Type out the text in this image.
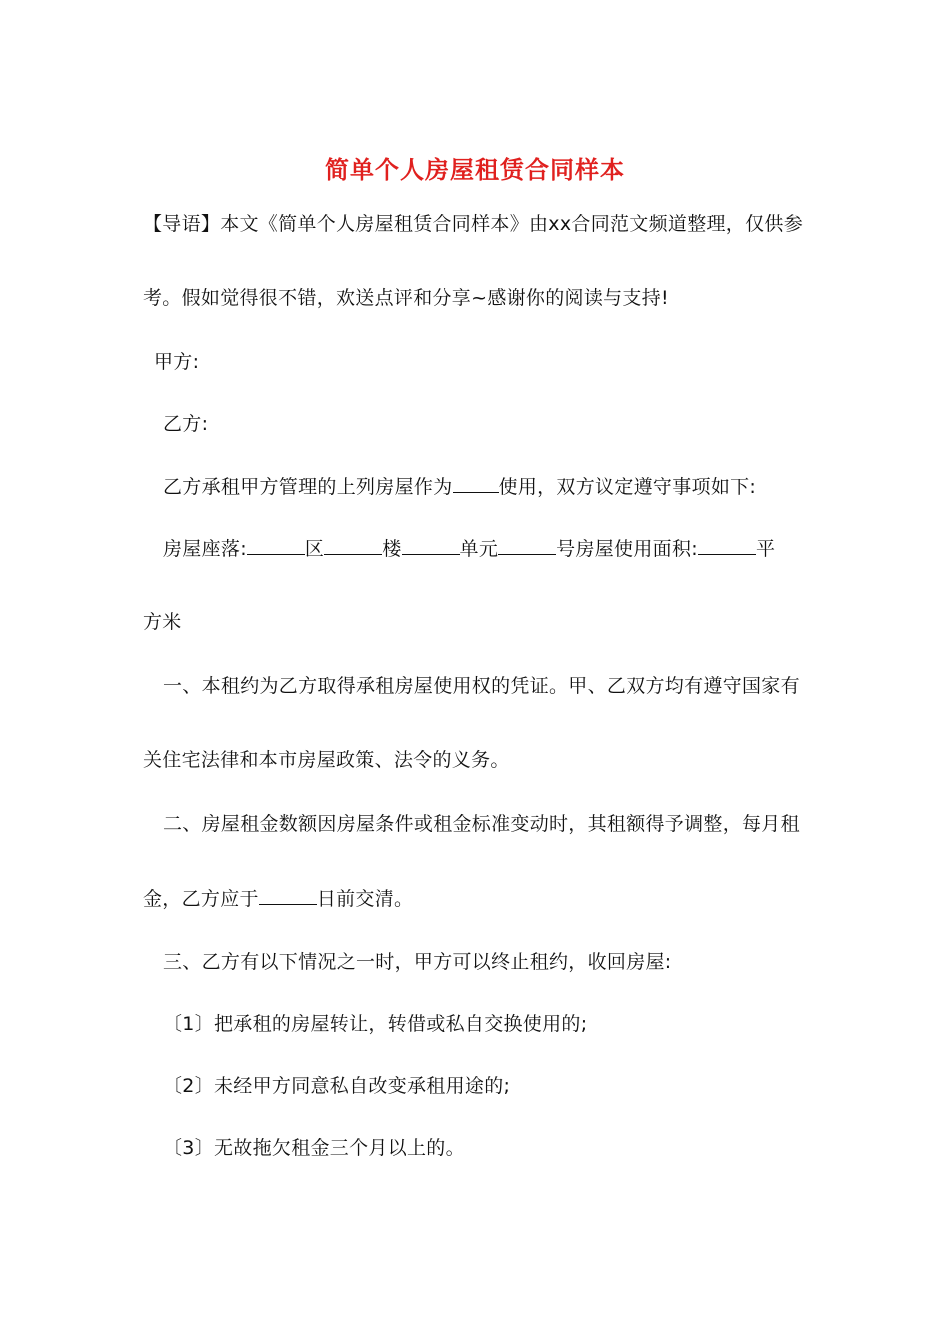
简单个人房屋租赁合同样本
【导语】本文《简单个人房屋租赁合同样本》由xx合同范文频道整理，仅供参
考。假如觉得很不错，欢送点评和分享~感谢你的阅读与支持!
甲方:
乙方:
乙方承租甲方管理的上列房屋作为 使用，双方议定遵守事项如下:
房屋座落:	区	楼	单元	号房屋使用面积:	平
方米
一、本租约为乙方取得承租房屋使用权的凭证。甲、乙双方均有遵守国家有
关住宅法律和本市房屋政策、法令的义务。
二、房屋租金数额因房屋条件或租金标准变动时，其租额得予调整，每月租
金，乙方应于	日前交清。
三、乙方有以下情况之一时，甲方可以终止租约，收回房屋:
〔1〕把承租的房屋转让，转借或私自交换使用的;
〔2〕未经甲方同意私自改变承租用途的;
〔3〕无故拖欠租金三个月以上的。
